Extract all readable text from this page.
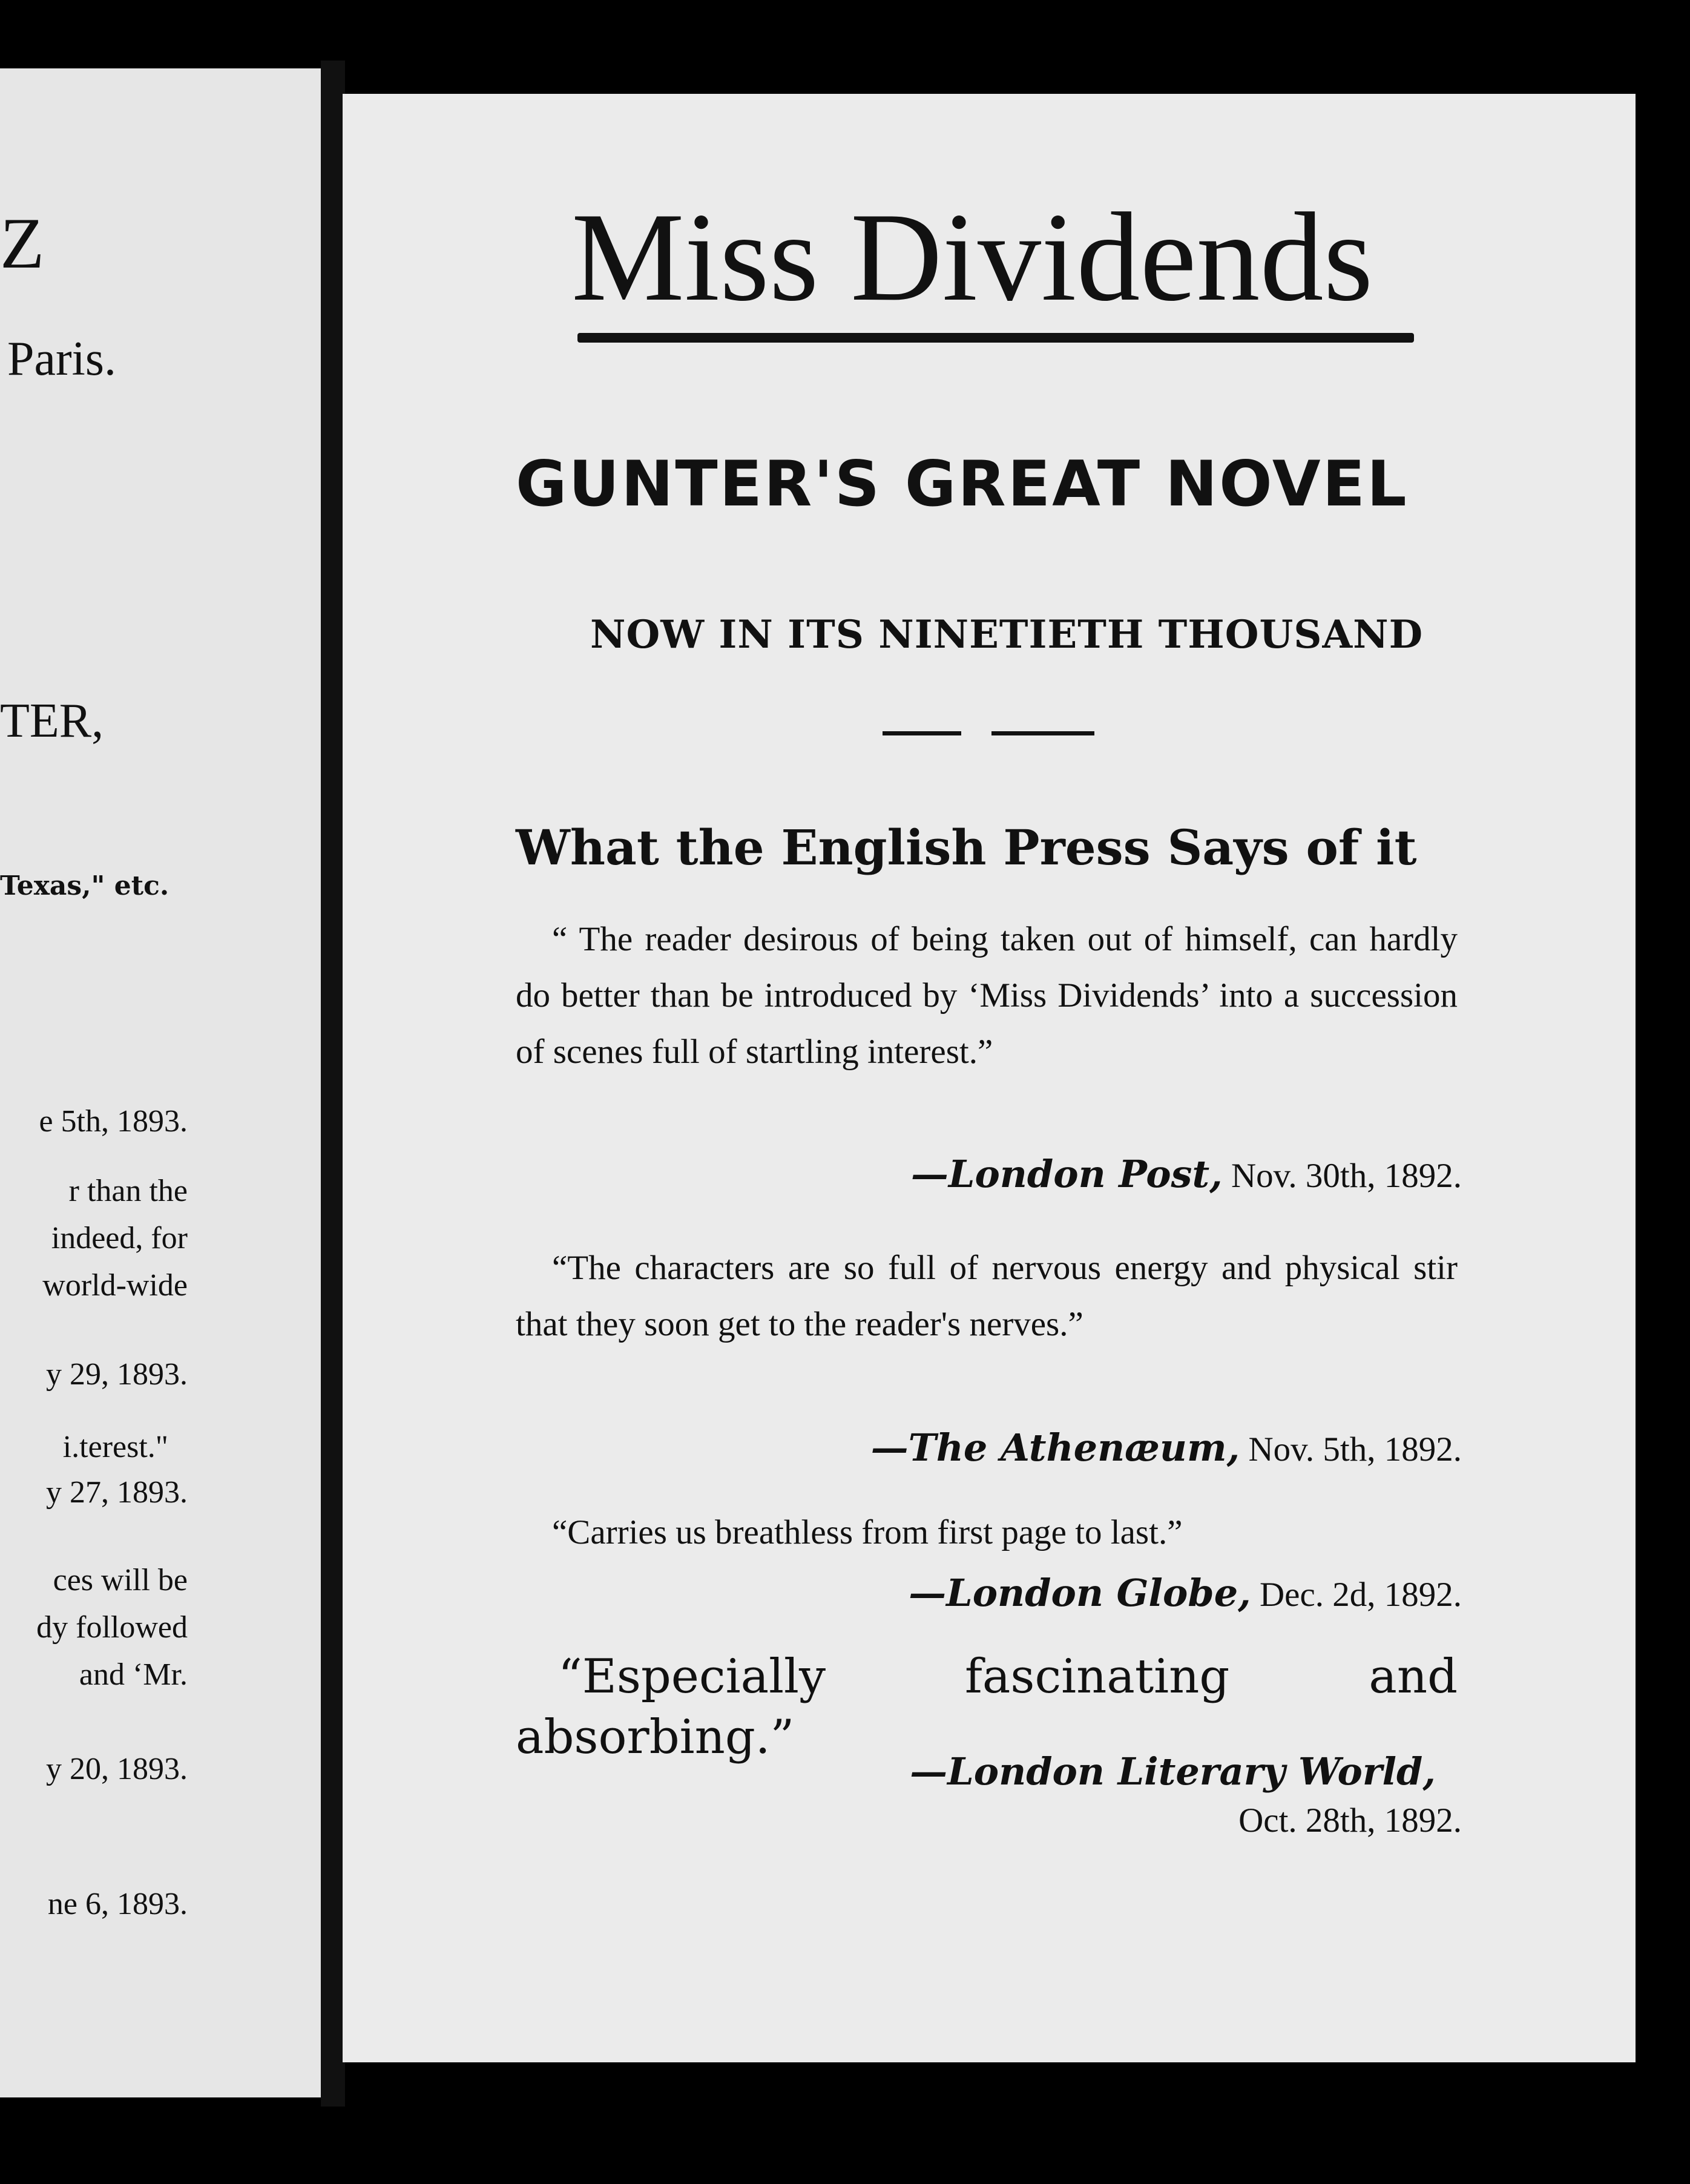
Z
Paris.
TER,
Texas," etc.
e 5th, 1893.
r than the
indeed, for
world-wide
y 29, 1893.
i.terest."
y 27, 1893.
ces will be
dy followed
and ‘Mr.
y 20, 1893.
ne 6, 1893.
Miss Dividends
GUNTER'S GREAT NOVEL
NOW IN ITS NINETIETH THOUSAND
What the English Press Says of it
“ The reader desirous of being taken out of himself, can hardly do better than be introduced by ‘Miss Dividends’ into a succession of scenes full of startling interest.”
—London Post, Nov. 30th, 1892.
“The characters are so full of nervous energy and physical stir that they soon get to the reader's nerves.”
—The Athenæum, Nov. 5th, 1892.
“Carries us breathless from first page to last.”
—London Globe, Dec. 2d, 1892.
“Especially fascinating and absorbing.”
—London Literary World,
Oct. 28th, 1892.
